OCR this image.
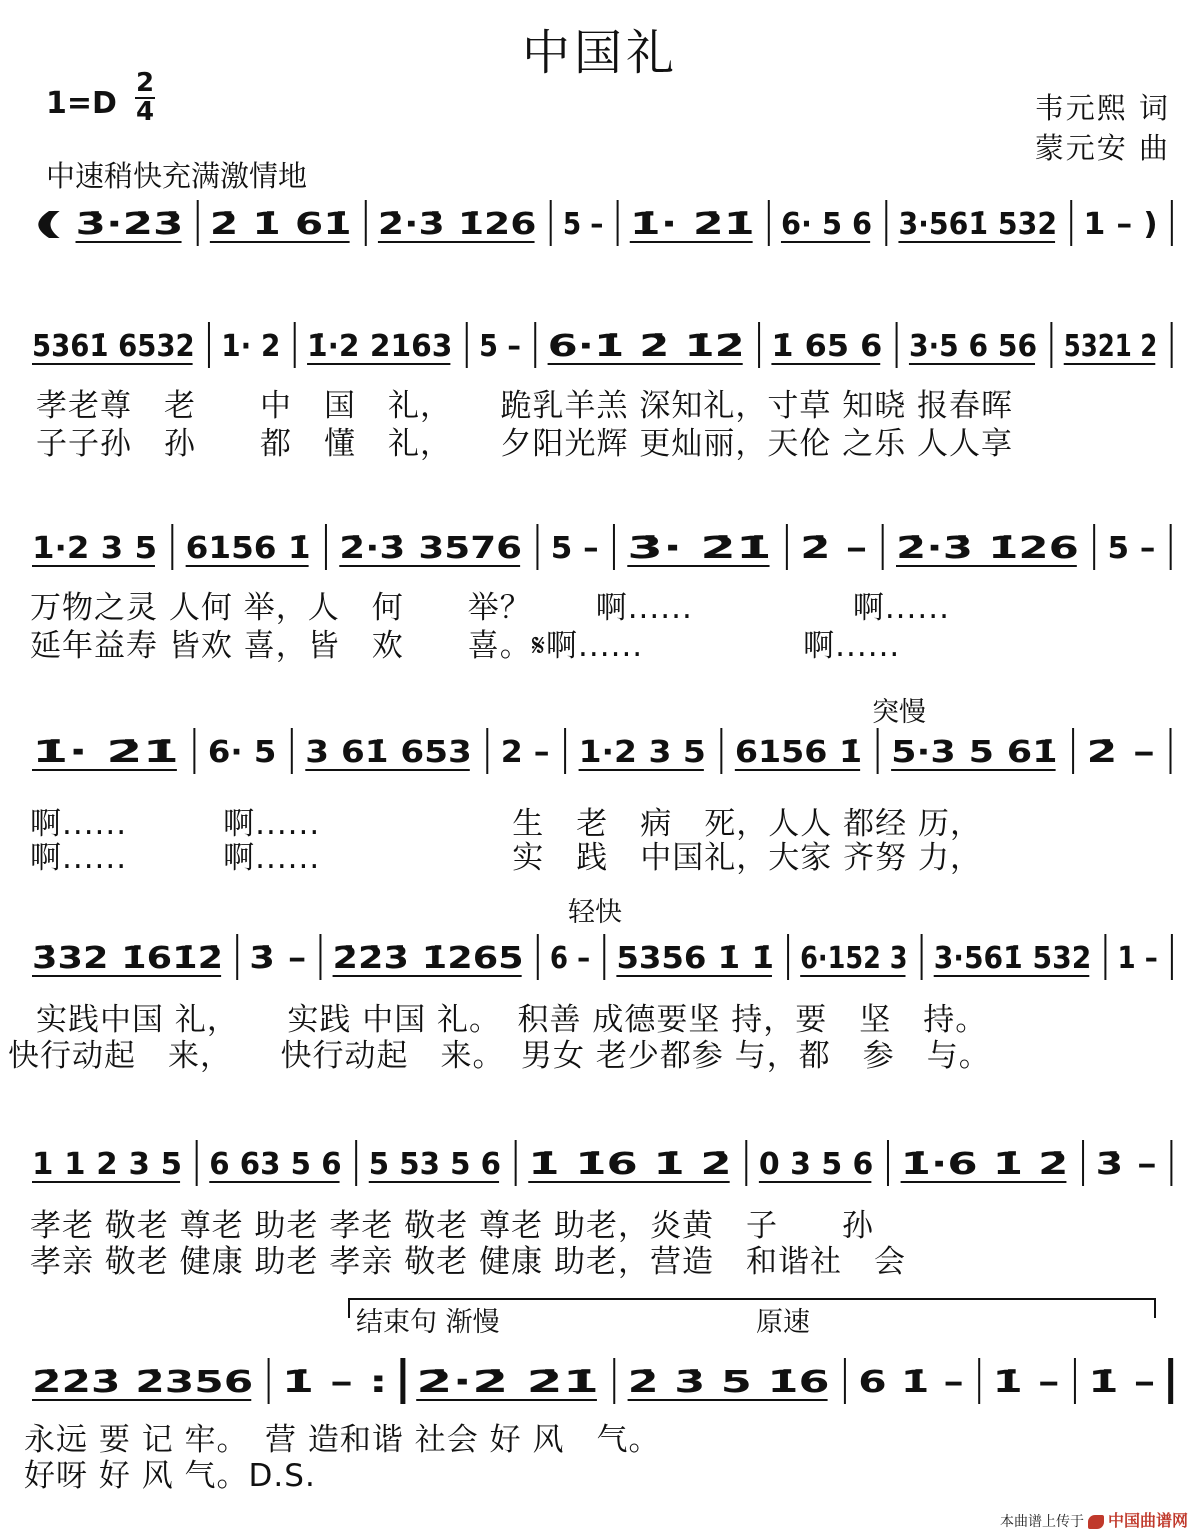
中国礼
1=D
2
4	韦元熙 词
蒙元安 曲
中速稍快充满激情地
突慢
轻快
结束句 渐慢	原速
( 3̇·2̇3̇ 2̇ 1̇ 61̇ 2̇·3̇ 1̇26 5 – 1̇· 2̇1̇ 6· 5 6 3·561̇ 532 1 – )
5361̇ 6532 1· 2 1̇·2 2163 5 – 6·1̇ 2̇ 1̇2̇ 1̇ 65 6 3·5 6 56 5321 2
1·2 3 5 6156 1̇ 2̇·3̇ 3576 5 – 3̇· 2̇1̇ 2̇ – 2̇·3̇ 1̇26 5 –
1̇· 2̇1̇ 6· 5 3 61̇ 653 2 – 1·2 3 5 6156 1̇ 5·3 5 61̇ 2̇ –
3̇32 1̇61̇2̇ 3̇ – 2̇2̇3̇ 1̇265 6 – 5356 1̇ 1̇ 6·152 3 3·561̇ 532 1 –
1 1 2 3 5 6 63 5 6 5 53 5 6 1̇ 1̇6 1̇ 2̇ 0 3 5 6 1̇·6 1̇ 2̇ 3̇ –
2̇2̇3̇ 2̇356 1̇ – : 2̇·2̇ 2̇1̇ 2̇ 3̇ 5 1̇6 6 1̇ – 1̇ – 1̇ –
孝老尊　老　　中　国　礼，　　跪乳羊羔 深知礼，寸草 知晓 报春晖
子子孙　孙　　都　懂　礼，　　夕阳光辉 更灿丽，天伦 之乐 人人享
万物之灵 人何 举，人　何　　举？　　啊......　　　　　啊......
延年益寿 皆欢 喜，皆　欢　　喜。𝄋啊......　　　　　啊......
啊......　　　啊......　　　　　　生　老　病　死，人人 都经 历，
啊......　　　啊......　　　　　　实　践　中国礼，大家 齐努 力，
实践中国 礼，　　实践 中国 礼。　积善 成德要坚 持，要　坚　持。
快行动起　来，　　快行动起　来。　男女 老少都参 与，都　参　与。
孝老 敬老 尊老 助老 孝老 敬老 尊老 助老，炎黄　子　　孙
孝亲 敬老 健康 助老 孝亲 敬老 健康 助老，营造　和谐社　会
永远 要 记 牢。　营 造和谐 社会 好 风　气。
好呀 好 风 气。D.S.
本曲谱上传于 中国曲谱网
